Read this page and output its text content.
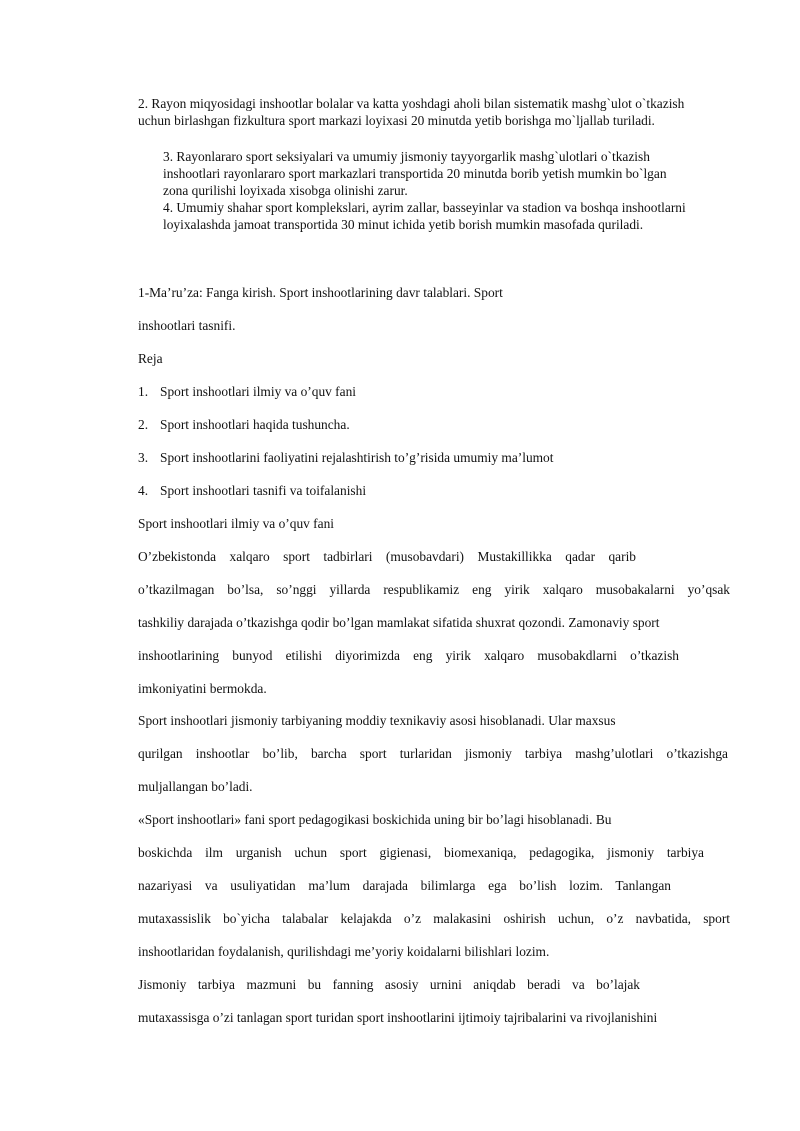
2. Rayon miqyosidagi inshootlar bolalar va katta yoshdagi aholi bilan sistematik mashg`ulot o`tkazish
uchun birlashgan fizkultura sport markazi loyixasi 20 minutda yetib borishga mo`ljallab turiladi.
3. Rayonlararo sport seksiyalari va umumiy jismoniy tayyorgarlik mashg`ulotlari o`tkazish
inshootlari rayonlararo sport markazlari transportida 20 minutda borib yetish mumkin bo`lgan
zona qurilishi loyixada xisobga olinishi zarur.
4. Umumiy shahar sport komplekslari, ayrim zallar, basseyinlar va stadion va boshqa inshootlarni
loyixalashda jamoat transportida 30 minut ichida yetib borish mumkin masofada quriladi.
1-Ma’ru’za: Fanga kirish. Sport inshootlarining davr talablari. Sport
inshootlari tasnifi.
Reja
1. Sport inshootlari ilmiy va o’quv fani
2. Sport inshootlari haqida tushuncha.
3. Sport inshootlarini faoliyatini rejalashtirish to’g’risida umumiy ma’lumot
4. Sport inshootlari tasnifi va toifalanishi
Sport inshootlari ilmiy va o’quv fani
O’zbekistonda xalqaro sport tadbirlari (musobavdari) Mustakillikka qadar qarib
o’tkazilmagan bo’lsa, so’nggi yillarda respublikamiz eng yirik xalqaro musobakalarni yo’qsak
tashkiliy darajada o’tkazishga qodir bo’lgan mamlakat sifatida shuxrat qozondi. Zamonaviy sport
inshootlarining bunyod etilishi diyorimizda eng yirik xalqaro musobakdlarni o’tkazish
imkoniyatini bermokda.
Sport inshootlari jismoniy tarbiyaning moddiy texnikaviy asosi hisoblanadi. Ular maxsus
qurilgan inshootlar bo’lib, barcha sport turlaridan jismoniy tarbiya mashg’ulotlari o’tkazishga
muljallangan bo’ladi.
«Sport inshootlari» fani sport pedagogikasi boskichida uning bir bo’lagi hisoblanadi. Bu
boskichda ilm urganish uchun sport gigienasi, biomexaniqa, pedagogika, jismoniy tarbiya
nazariyasi va usuliyatidan ma’lum darajada bilimlarga ega bo’lish lozim. Tanlangan
mutaxassislik bo`yicha talabalar kelajakda o’z malakasini oshirish uchun, o’z navbatida, sport
inshootlaridan foydalanish, qurilishdagi me’yoriy koidalarni bilishlari lozim.
Jismoniy tarbiya mazmuni bu fanning asosiy urnini aniqdab beradi va bo’lajak
mutaxassisga o’zi tanlagan sport turidan sport inshootlarini ijtimoiy tajribalarini va rivojlanishini
